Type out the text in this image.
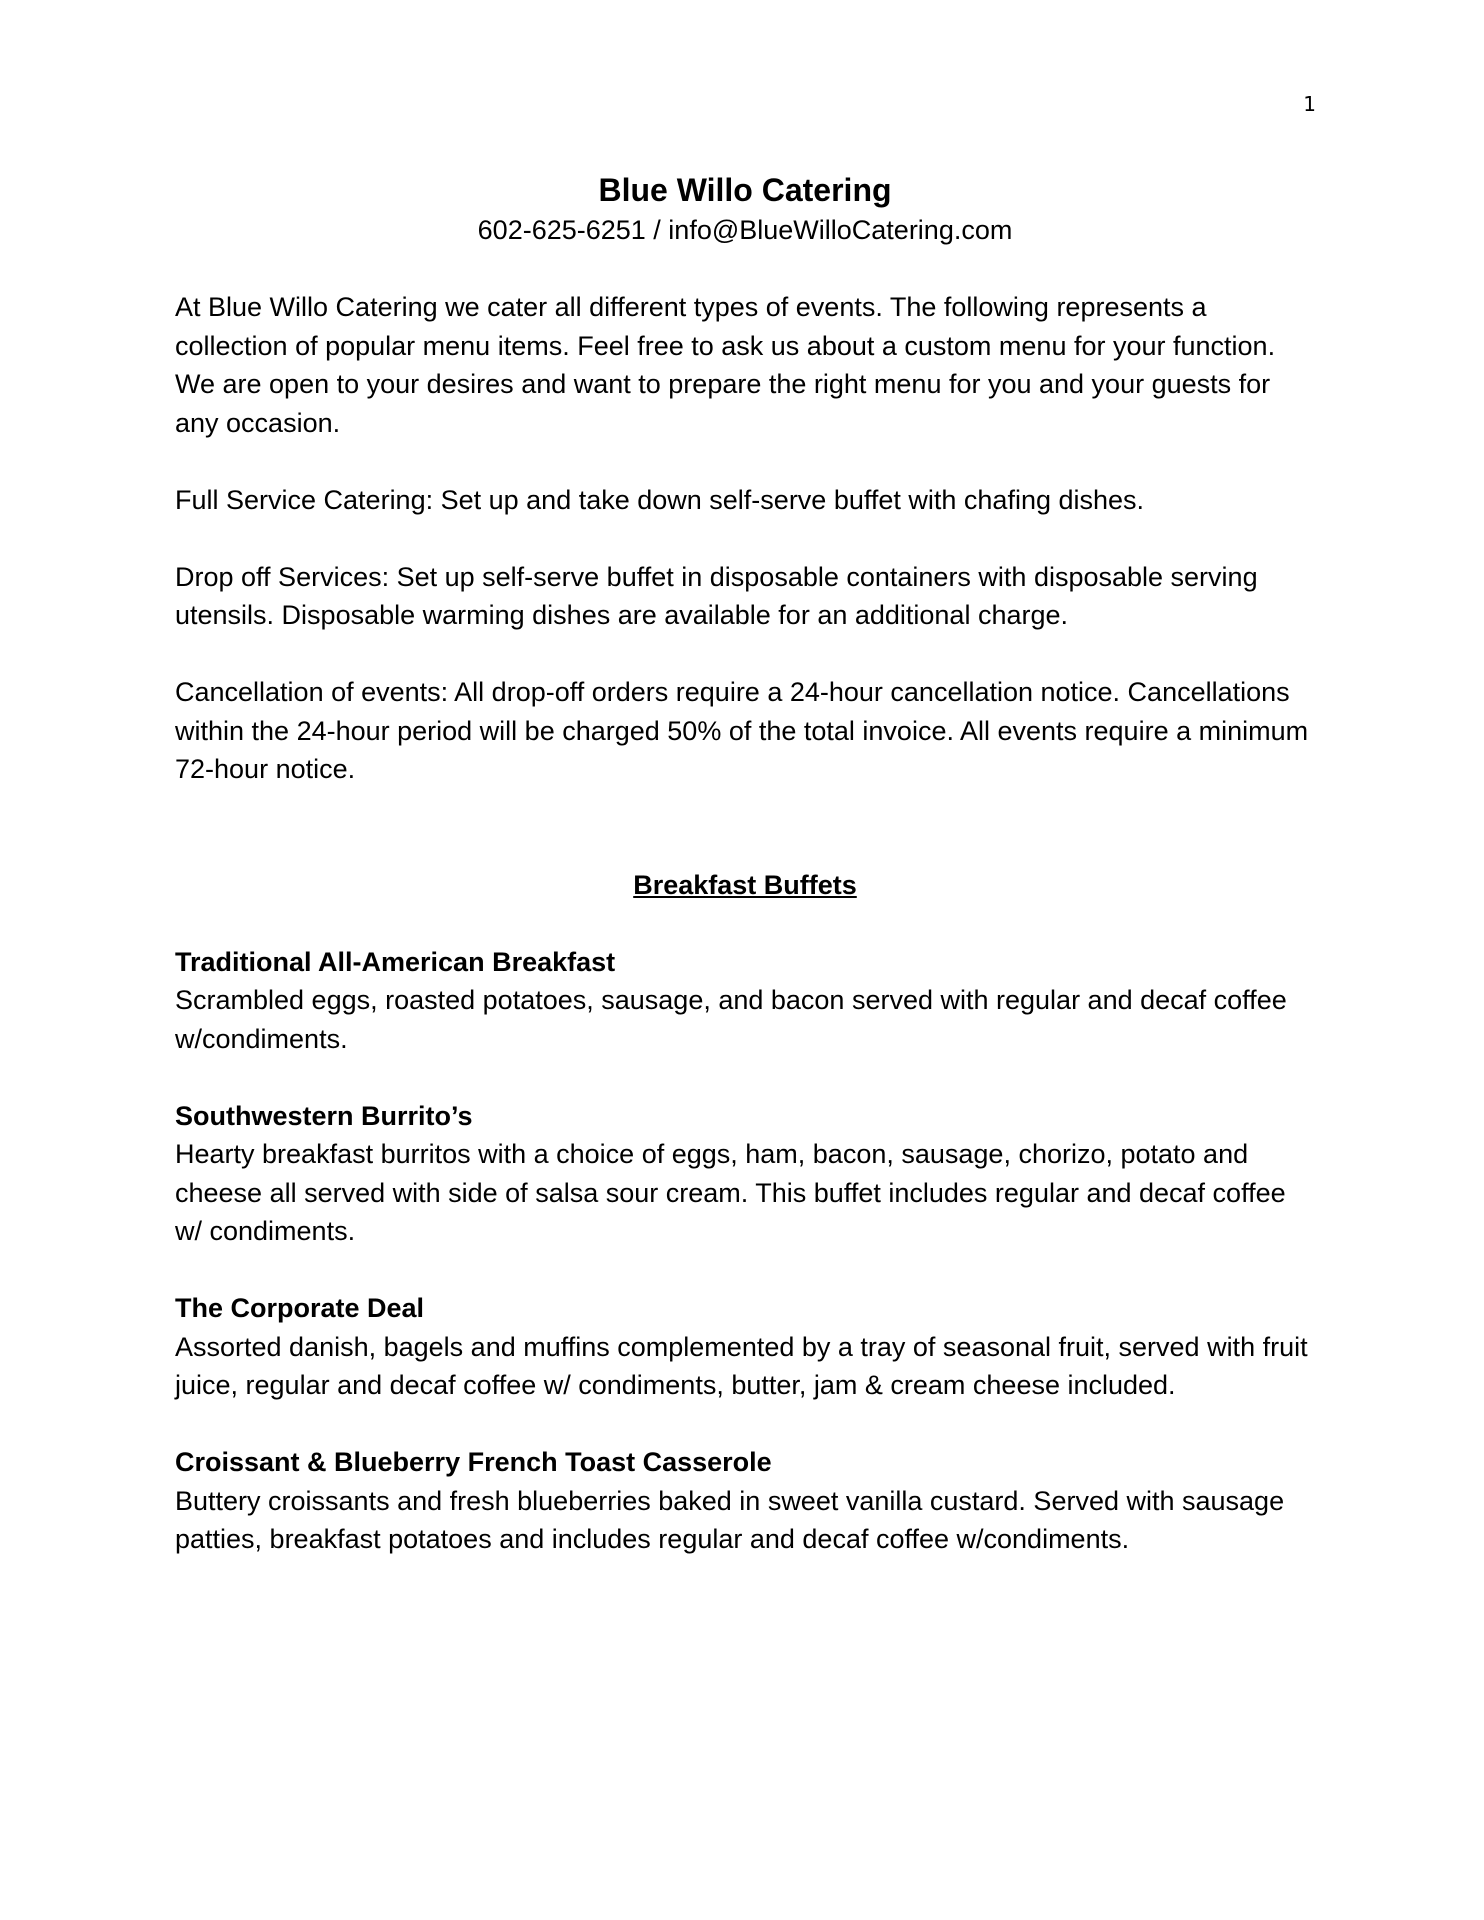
1
Blue Willo Catering
602-625-6251 / info@BlueWilloCatering.com

At Blue Willo Catering we cater all different types of events. The following represents a collection of popular menu items. Feel free to ask us about a custom menu for your function. We are open to your desires and want to prepare the right menu for you and your guests for any occasion.

Full Service Catering: Set up and take down self-serve buffet with chafing dishes.

Drop off Services: Set up self-serve buffet in disposable containers with disposable serving utensils. Disposable warming dishes are available for an additional charge.

Cancellation of events: All drop-off orders require a 24-hour cancellation notice. Cancellations within the 24-hour period will be charged 50% of the total invoice. All events require a minimum 72-hour notice.

Breakfast Buffets
Traditional All-American Breakfast
Scrambled eggs, roasted potatoes, sausage, and bacon served with regular and decaf coffee w/condiments.
Southwestern Burrito’s
Hearty breakfast burritos with a choice of eggs, ham, bacon, sausage, chorizo, potato and cheese all served with side of salsa sour cream. This buffet includes regular and decaf coffee w/ condiments.
The Corporate Deal
Assorted danish, bagels and muffins complemented by a tray of seasonal fruit, served with fruit juice, regular and decaf coffee w/ condiments, butter, jam & cream cheese included.
Croissant & Blueberry French Toast Casserole
Buttery croissants and fresh blueberries baked in sweet vanilla custard. Served with sausage patties, breakfast potatoes and includes regular and decaf coffee w/condiments.
